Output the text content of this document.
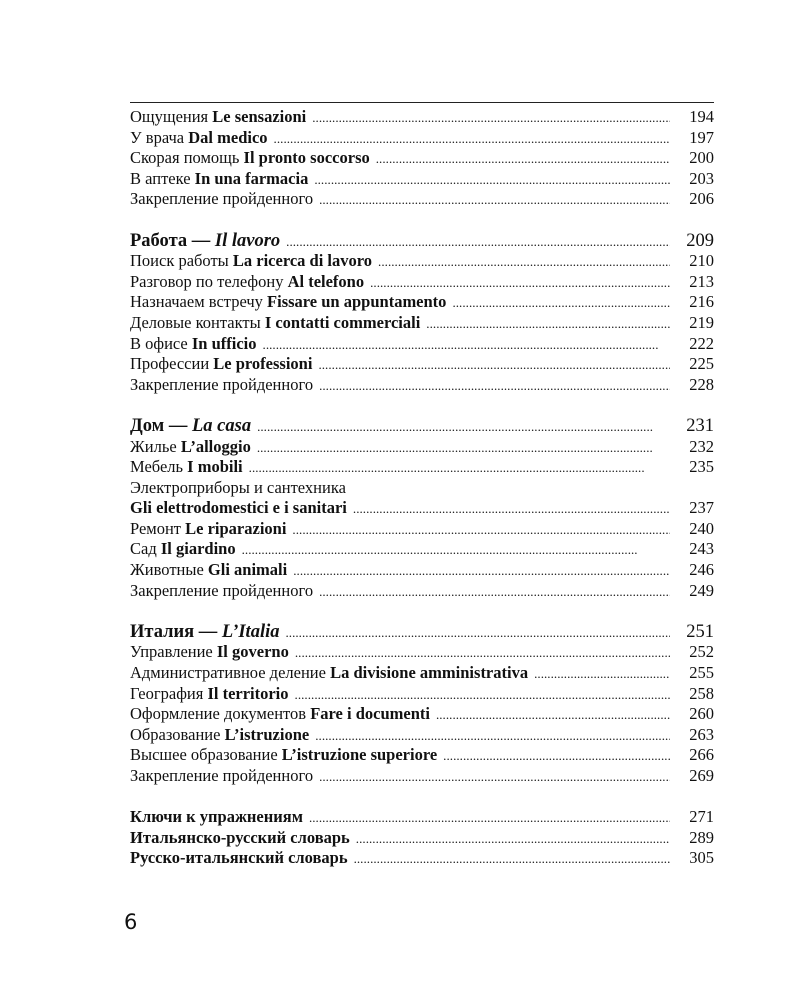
Ощущения Le sensazioni . . .	194
У врача Dal medico . . .	197
Скорая помощь Il pronto soccorso . . .	200
В аптеке In una farmacia . . .	203
Закрепление пройденного . . .	206
Работа — Il lavoro . . .	209
Поиск работы La ricerca di lavoro . . .	210
Разговор по телефону Al telefono . . .	213
Назначаем встречу Fissare un appuntamento . . .	216
Деловые контакты I contatti commerciali . . .	219
В офисе In ufficio . . .	222
Профессии Le professioni . . .	225
Закрепление пройденного . . .	228
Дом — La casa . . .	231
Жилье L’alloggio . . .	232
Мебель I mobili . . .	235
Электроприборы и сантехника
Gli elettrodomestici e i sanitari . . .	237
Ремонт Le riparazioni . . .	240
Сад Il giardino . . .	243
Животные Gli animali . . .	246
Закрепление пройденного . . .	249
Италия — L’Italia . . .	251
Управление Il governo . . .	252
Административное деление La divisione amministrativa . . .	255
География Il territorio . . .	258
Оформление документов Fare i documenti . . .	260
Образование L’istruzione . . .	263
Высшее образование L’istruzione superiore . . .	266
Закрепление пройденного . . .	269
Ключи к упражнениям . . .	271
Итальянско-русский словарь . . .	289
Русско-итальянский словарь . . .	305
6
